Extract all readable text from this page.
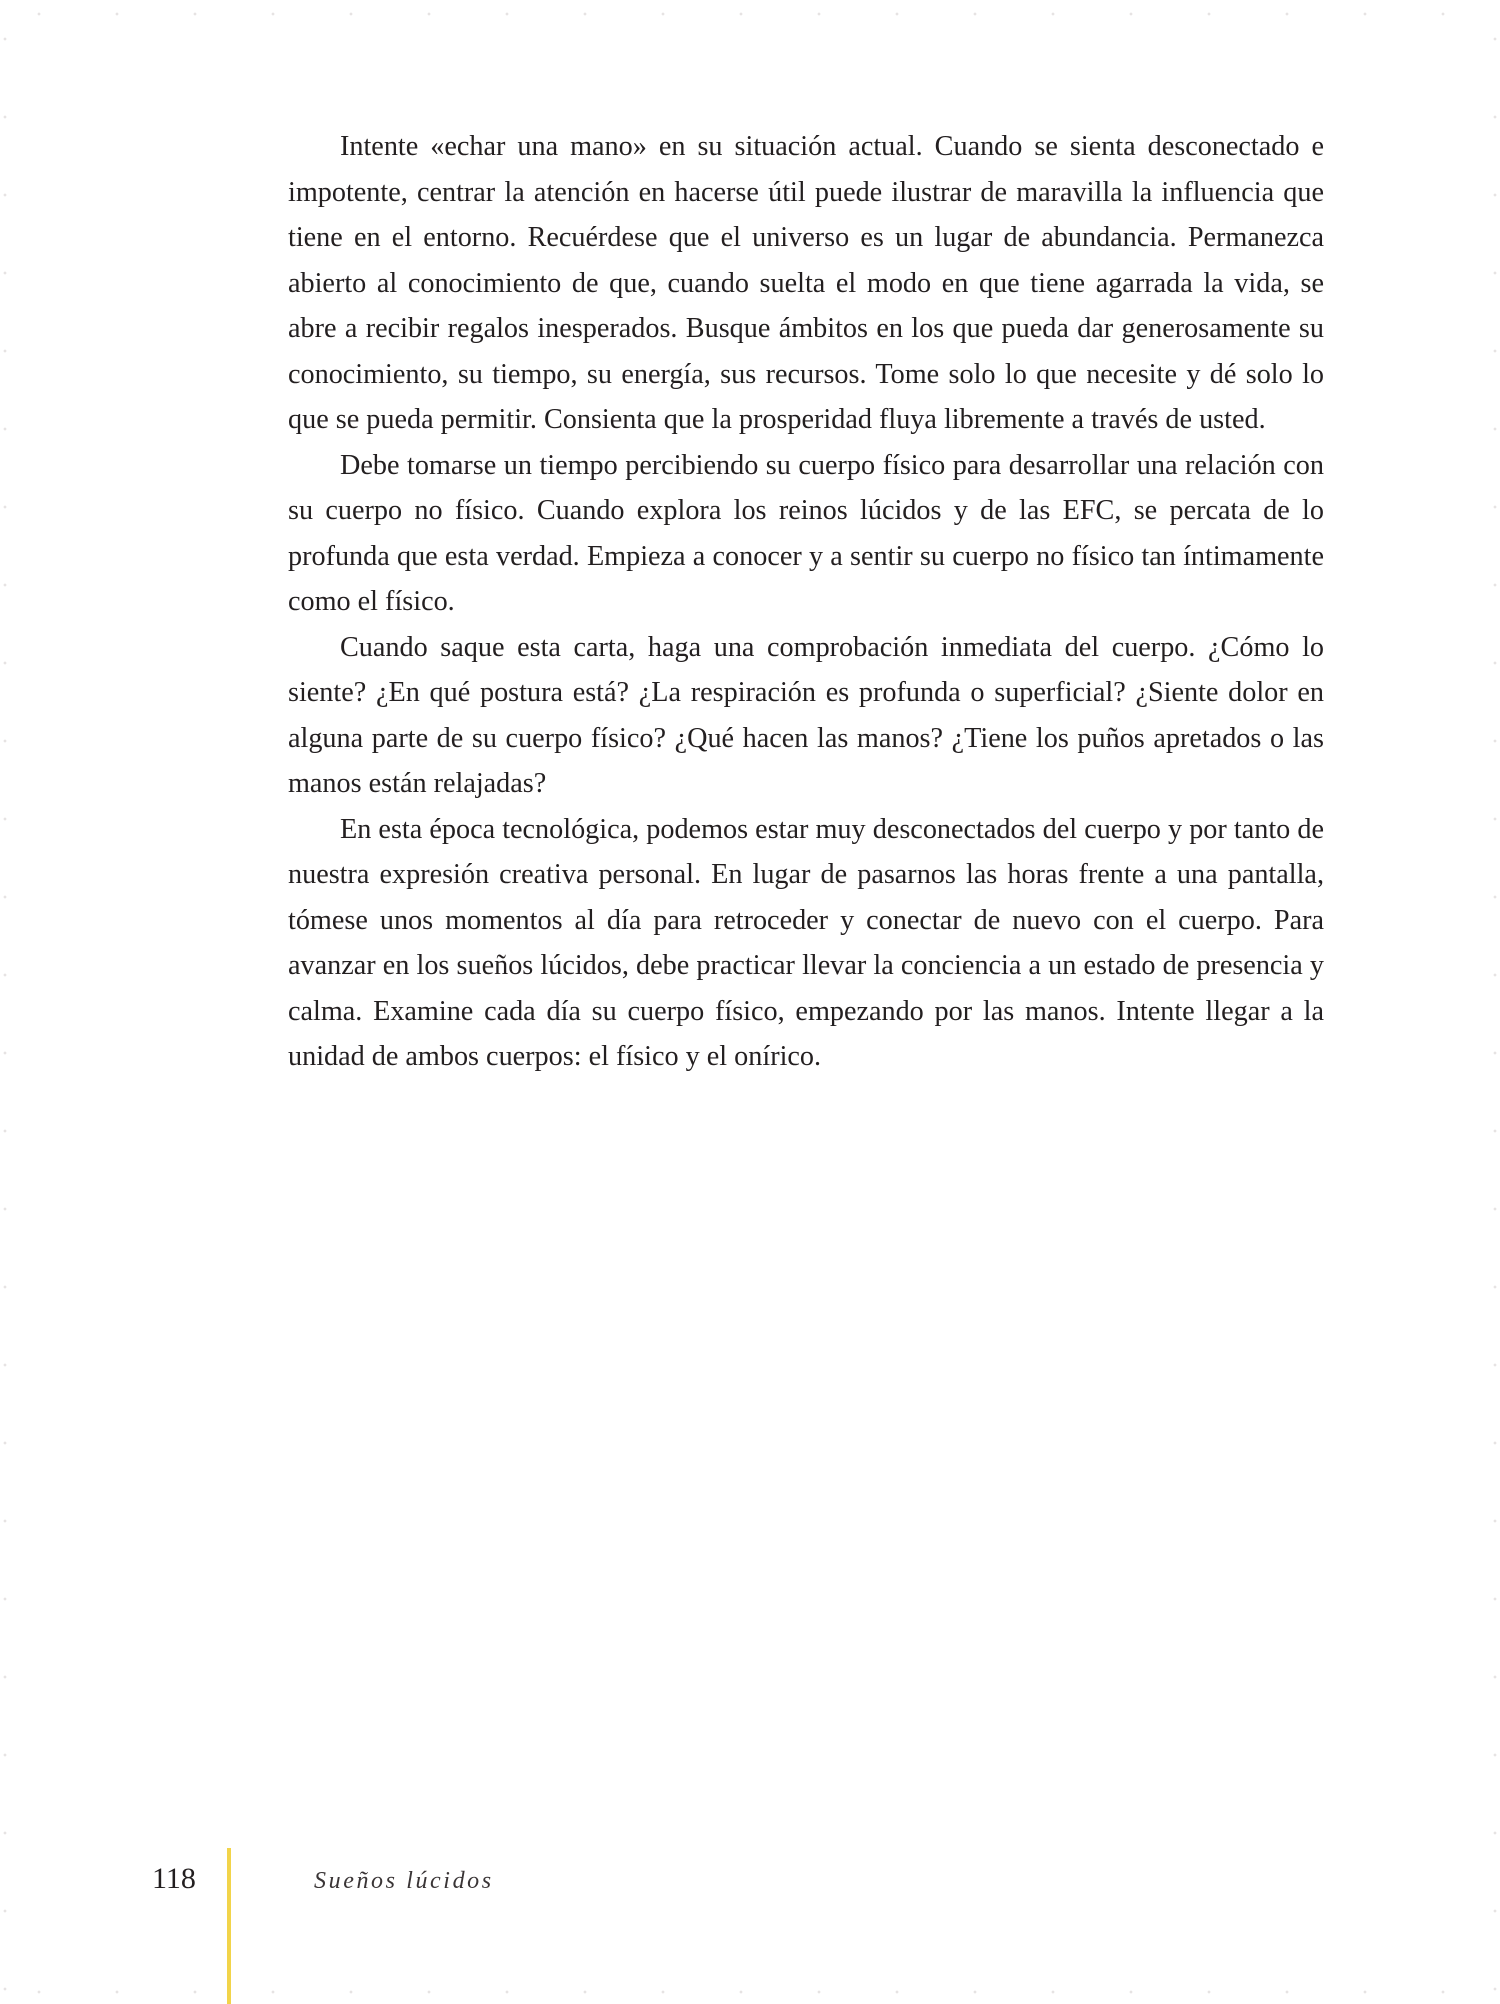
Intente «echar una mano» en su situación actual. Cuando se sienta desconectado e impotente, centrar la atención en hacerse útil puede ilustrar de maravilla la influencia que tiene en el entorno. Recuérdese que el universo es un lugar de abundancia. Permanezca abierto al conocimiento de que, cuando suelta el modo en que tiene agarrada la vida, se abre a recibir regalos inesperados. Busque ámbitos en los que pueda dar generosamente su conocimiento, su tiempo, su energía, sus recursos. Tome solo lo que necesite y dé solo lo que se pueda permitir. Consienta que la prosperidad fluya libremente a través de usted.

Debe tomarse un tiempo percibiendo su cuerpo físico para desarrollar una relación con su cuerpo no físico. Cuando explora los reinos lúcidos y de las EFC, se percata de lo profunda que esta verdad. Empieza a conocer y a sentir su cuerpo no físico tan íntimamente como el físico.

Cuando saque esta carta, haga una comprobación inmediata del cuerpo. ¿Cómo lo siente? ¿En qué postura está? ¿La respiración es profunda o superficial? ¿Siente dolor en alguna parte de su cuerpo físico? ¿Qué hacen las manos? ¿Tiene los puños apretados o las manos están relajadas?

En esta época tecnológica, podemos estar muy desconectados del cuerpo y por tanto de nuestra expresión creativa personal. En lugar de pasarnos las horas frente a una pantalla, tómese unos momentos al día para retroceder y conectar de nuevo con el cuerpo. Para avanzar en los sueños lúcidos, debe practicar llevar la conciencia a un estado de presencia y calma. Examine cada día su cuerpo físico, empezando por las manos. Intente llegar a la unidad de ambos cuerpos: el físico y el onírico.

118	Sueños lúcidos
